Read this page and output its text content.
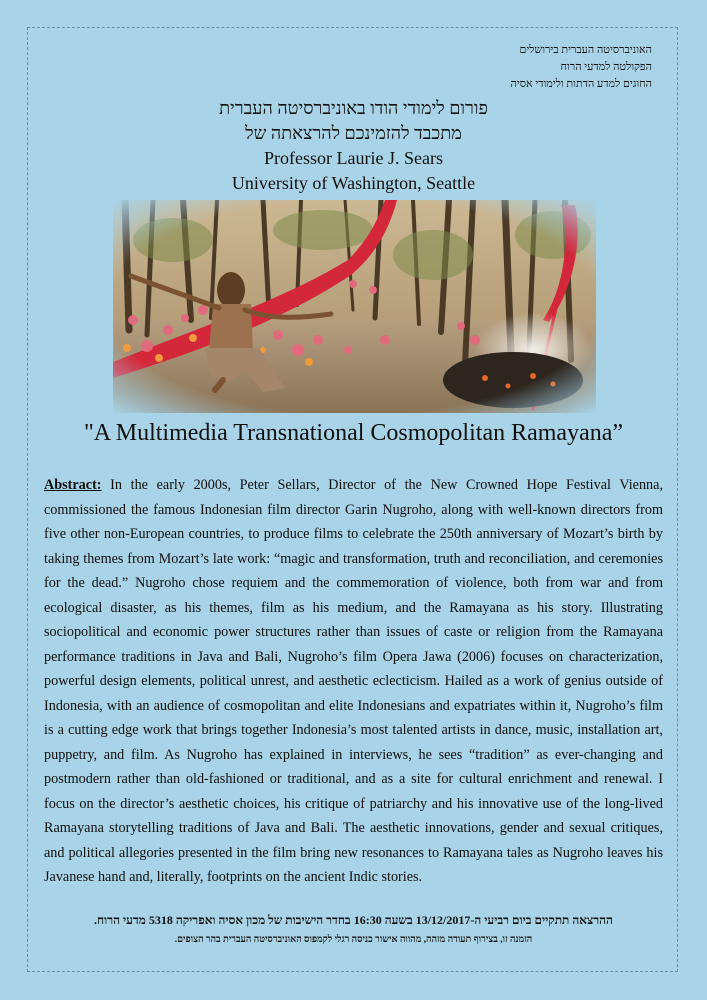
האוניברסיטה העברית בירושלים
הפקולטה למדעי הרוח
החוגים למדע הדתות ולימודי אסיה
פורום לימודי הודו באוניברסיטה העברית
מתכבד להזמינכם להרצאתה של
Professor Laurie J. Sears
University of Washington, Seattle
"A Multimedia Transnational Cosmopolitan Ramayana”

Abstract: In the early 2000s, Peter Sellars, Director of the New Crowned Hope Festival Vienna, commissioned the famous Indonesian film director Garin Nugroho, along with well-known directors from five other non-European countries, to produce films to celebrate the 250th anniversary of Mozart’s birth by taking themes from Mozart’s late work: “magic and transformation, truth and reconciliation, and ceremonies for the dead.” Nugroho chose requiem and the commemoration of violence, both from war and from ecological disaster, as his themes, film as his medium, and the Ramayana as his story. Illustrating sociopolitical and economic power structures rather than issues of caste or religion from the Ramayana performance traditions in Java and Bali, Nugroho’s film Opera Jawa (2006) focuses on characterization, powerful design elements, political unrest, and aesthetic eclecticism. Hailed as a work of genius outside of Indonesia, with an audience of cosmopolitan and elite Indonesians and expatriates within it, Nugroho’s film is a cutting edge work that brings together Indonesia’s most talented artists in dance, music, installation art, puppetry, and film. As Nugroho has explained in interviews, he sees “tradition” as ever-changing and postmodern rather than old-fashioned or traditional, and as a site for cultural enrichment and renewal. I focus on the director’s aesthetic choices, his critique of patriarchy and his innovative use of the long-lived Ramayana storytelling traditions of Java and Bali. The aesthetic innovations, gender and sexual critiques, and political allegories presented in the film bring new resonances to Ramayana tales as Nugroho leaves his Javanese hand and, literally, footprints on the ancient Indic stories.

ההרצאה תתקיים ביום רביעי ה-13/12/2017 בשעה 16:30 בחדר הישיבות של מכון אסיה ואפריקה 5318 מדעי הרוח.
הזמנה זו, בצירוף תעודה מזהה, מהווה אישור כניסה רגלי לקמפוס האוניברסיטה העברית בהר הצופים.
